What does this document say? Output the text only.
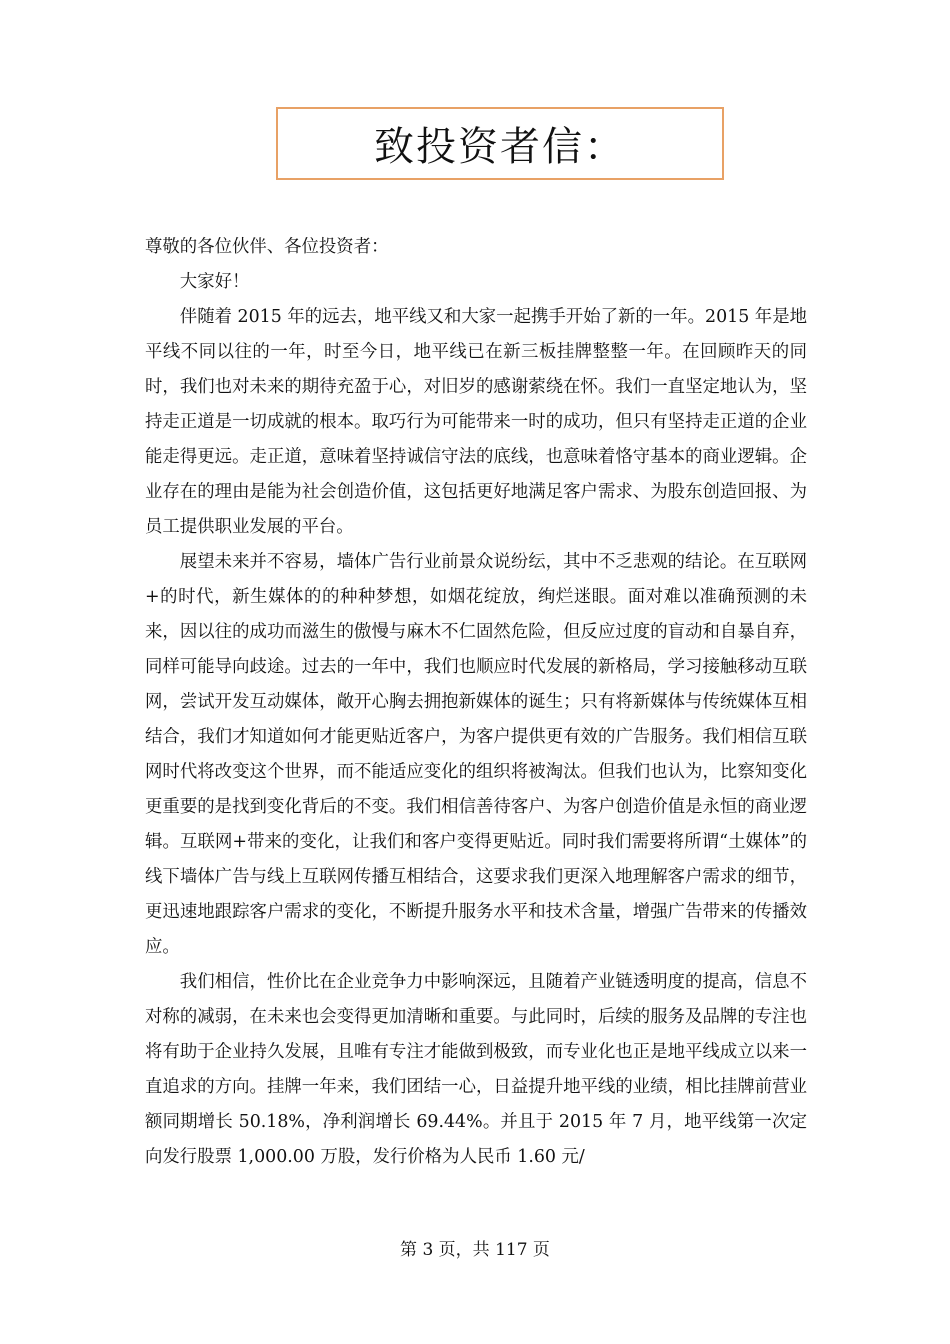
致投资者信：

尊敬的各位伙伴、各位投资者：

大家好！

伴随着 2015 年的远去，地平线又和大家一起携手开始了新的一年。2015 年是地平线不同以往的一年，时至今日，地平线已在新三板挂牌整整一年。在回顾昨天的同时，我们也对未来的期待充盈于心，对旧岁的感谢萦绕在怀。我们一直坚定地认为，坚持走正道是一切成就的根本。取巧行为可能带来一时的成功，但只有坚持走正道的企业能走得更远。走正道，意味着坚持诚信守法的底线，也意味着恪守基本的商业逻辑。企业存在的理由是能为社会创造价值，这包括更好地满足客户需求、为股东创造回报、为员工提供职业发展的平台。

展望未来并不容易，墙体广告行业前景众说纷纭，其中不乏悲观的结论。在互联网+的时代，新生媒体的的种种梦想，如烟花绽放，绚烂迷眼。面对难以准确预测的未来，因以往的成功而滋生的傲慢与麻木不仁固然危险，但反应过度的盲动和自暴自弃，同样可能导向歧途。过去的一年中，我们也顺应时代发展的新格局，学习接触移动互联网，尝试开发互动媒体，敞开心胸去拥抱新媒体的诞生；只有将新媒体与传统媒体互相结合，我们才知道如何才能更贴近客户，为客户提供更有效的广告服务。我们相信互联网时代将改变这个世界，而不能适应变化的组织将被淘汰。但我们也认为，比察知变化更重要的是找到变化背后的不变。我们相信善待客户、为客户创造价值是永恒的商业逻辑。互联网+带来的变化，让我们和客户变得更贴近。同时我们需要将所谓“土媒体”的线下墙体广告与线上互联网传播互相结合，这要求我们更深入地理解客户需求的细节，更迅速地跟踪客户需求的变化，不断提升服务水平和技术含量，增强广告带来的传播效应。

我们相信，性价比在企业竞争力中影响深远，且随着产业链透明度的提高，信息不对称的减弱，在未来也会变得更加清晰和重要。与此同时，后续的服务及品牌的专注也将有助于企业持久发展，且唯有专注才能做到极致，而专业化也正是地平线成立以来一直追求的方向。挂牌一年来，我们团结一心，日益提升地平线的业绩，相比挂牌前营业额同期增长 50.18%，净利润增长 69.44%。并且于 2015 年 7 月，地平线第一次定向发行股票 1,000.00 万股，发行价格为人民币 1.60 元/

第 3 页，共 117 页
